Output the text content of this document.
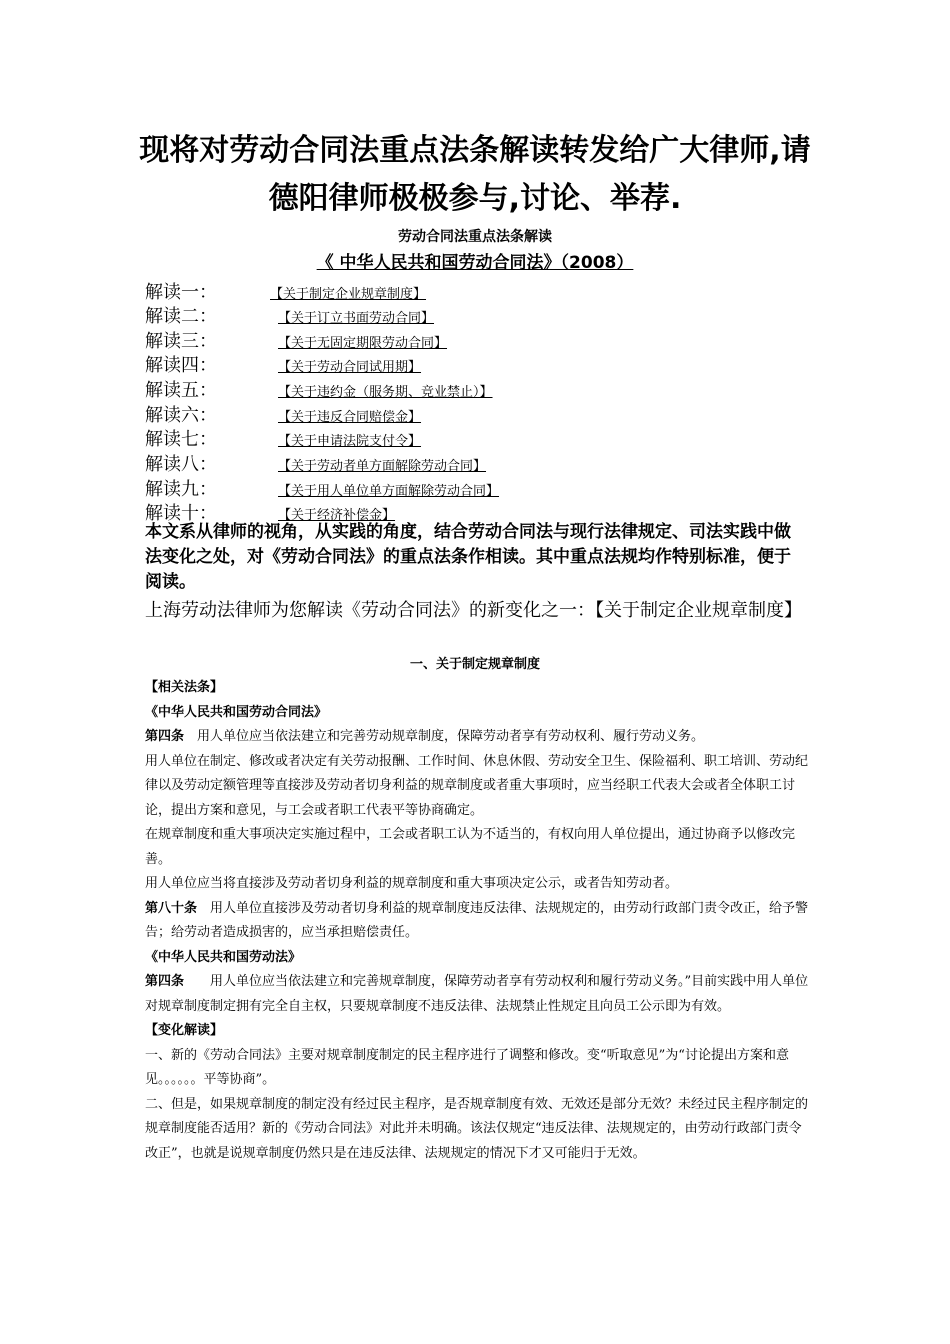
现将对劳动合同法重点法条解读转发给广大律师,请
德阳律师极极参与,讨论、举荐.
劳动合同法重点法条解读
《 中华人民共和国劳动合同法》（2008）
解读一：	【关于制定企业规章制度】
解读二：	【关于订立书面劳动合同】
解读三：	【关于无固定期限劳动合同】
解读四：	【关于劳动合同试用期】
解读五：	【关于违约金（服务期、竞业禁止）】
解读六：	【关于违反合同赔偿金】
解读七：	【关于申请法院支付令】
解读八：	【关于劳动者单方面解除劳动合同】
解读九：	【关于用人单位单方面解除劳动合同】
解读十：	【关于经济补偿金】
本文系从律师的视角，从实践的角度，结合劳动合同法与现行法律规定、司法实践中做法变化之处，对《劳动合同法》的重点法条作相读。其中重点法规均作特别标准，便于阅读。
上海劳动法律师为您解读《劳动合同法》的新变化之一：【关于制定企业规章制度】
一、关于制定规章制度

【相关法条】

《中华人民共和国劳动合同法》

第四条　用人单位应当依法建立和完善劳动规章制度，保障劳动者享有劳动权利、履行劳动义务。

用人单位在制定、修改或者决定有关劳动报酬、工作时间、休息休假、劳动安全卫生、保险福利、职工培训、劳动纪律以及劳动定额管理等直接涉及劳动者切身利益的规章制度或者重大事项时，应当经职工代表大会或者全体职工讨论，提出方案和意见，与工会或者职工代表平等协商确定。

在规章制度和重大事项决定实施过程中，工会或者职工认为不适当的，有权向用人单位提出，通过协商予以修改完善。

用人单位应当将直接涉及劳动者切身利益的规章制度和重大事项决定公示，或者告知劳动者。

第八十条　用人单位直接涉及劳动者切身利益的规章制度违反法律、法规规定的，由劳动行政部门责令改正，给予警告；给劳动者造成损害的，应当承担赔偿责任。

《中华人民共和国劳动法》

第四条　　用人单位应当依法建立和完善规章制度，保障劳动者享有劳动权利和履行劳动义务。”目前实践中用人单位对规章制度制定拥有完全自主权，只要规章制度不违反法律、法规禁止性规定且向员工公示即为有效。

【变化解读】

一、新的《劳动合同法》主要对规章制度制定的民主程序进行了调整和修改。变“听取意见”为“讨论提出方案和意见。。。。。。平等协商”。

二、但是，如果规章制度的制定没有经过民主程序，是否规章制度有效、无效还是部分无效？未经过民主程序制定的规章制度能否适用？新的《劳动合同法》对此并未明确。该法仅规定“违反法律、法规规定的，由劳动行政部门责令改正”，也就是说规章制度仍然只是在违反法律、法规规定的情况下才又可能归于无效。
